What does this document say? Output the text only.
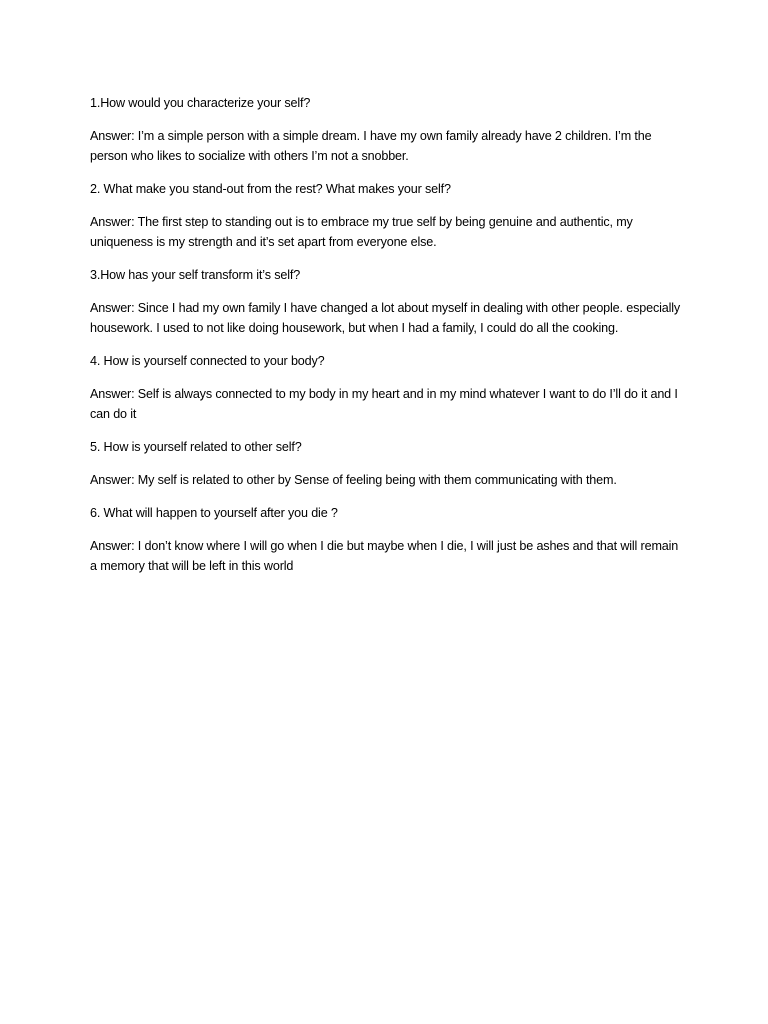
1.How would you characterize your self?

Answer: I’m a simple person with a simple dream. I have my own family already have 2 children. I’m the person who likes to socialize with others I’m not a snobber.

2. What make you stand-out from the rest? What makes your self?

Answer: The first step to standing out is to embrace my true self by being genuine and authentic, my uniqueness is my strength and it’s set apart from everyone else.

3.How has your self transform it’s self?

Answer: Since I had my own family I have changed a lot about myself in dealing with other people. especially housework. I used to not like doing housework, but when I had a family, I could do all the cooking.

4. How is yourself connected to your body?

Answer: Self is always connected to my body in my heart and in my mind whatever I want to do I’ll do it and I can do it

5. How is yourself related to other self?

Answer: My self is related to other by Sense of feeling being with them communicating with them.

6. What will happen to yourself after you die ?

Answer: I don’t know where I will go when I die but maybe when I die, I will just be ashes and that will remain a memory that will be left in this world
